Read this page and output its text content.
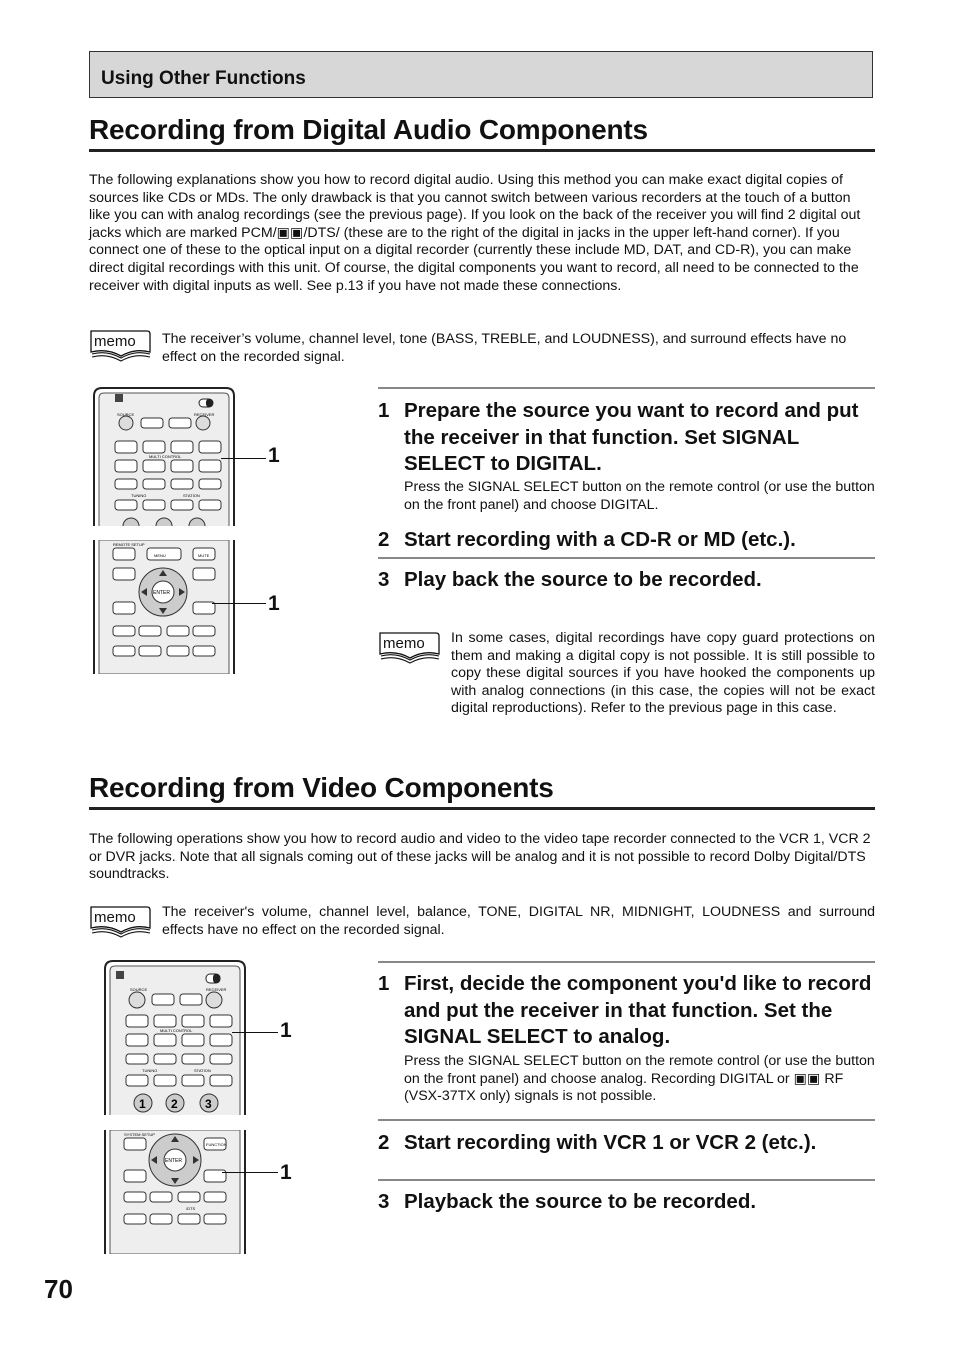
Using Other Functions
Recording from Digital Audio Components

The following explanations show you how to record digital audio. Using this method you can make exact digital copies of sources like CDs or MDs. The only drawback is that you cannot switch between various recorders at the touch of a button like you can with analog recordings (see the previous page). If you look on the back of the receiver you will find 2 digital out jacks which are marked PCM/▣▣/DTS/ (these are to the right of the digital in jacks in the upper left-hand corner). If you connect one of these to the optical input on a digital recorder (currently these include MD, DAT, and CD-R), you can make direct digital recordings with this unit. Of course, the digital components you want to record, all need to be connected to the receiver with digital inputs as well. See p.13 if you have not made these connections.

memo The receiver’s volume, channel level, tone (BASS, TREBLE, and LOUDNESS), and surround effects have no effect on the recorded signal.

SOURCE	RECEIVER
MULTI CONTROL
TUNING	STATION
1
ENTER
MENU	MUTE
REMOTE SETUP
1
1 Prepare the source you want to record and put the receiver in that function. Set SIGNAL SELECT to DIGITAL.

Press the SIGNAL SELECT button on the remote control (or use the button on the front panel) and choose DIGITAL.

2 Start recording with a CD-R or MD (etc.).
3 Play back the source to be recorded.
memo In some cases, digital recordings have copy guard protections on them and making a digital copy is not possible. It is still possible to copy these digital sources if you have hooked the components up with analog connections (in this case, the copies will not be exact digital reproductions). Refer to the previous page in this case.

Recording from Video Components

The following operations show you how to record audio and video to the video tape recorder connected to the VCR 1, VCR 2 or DVR jacks. Note that all signals coming out of these jacks will be analog and it is not possible to record Dolby Digital/DTS soundtracks.

memo The receiver's volume, channel level, balance, TONE, DIGITAL NR, MIDNIGHT, LOUDNESS and surround effects have no effect on the recorded signal.

1 2 3
SOURCE	RECEIVER
MULTI CONTROL
TUNING	STATION
1
SYSTEM SETUP
FUNCTION
ENTER
/DTS
1
1 First, decide the component you'd like to record and put the receiver in that function. Set the SIGNAL SELECT to analog.

Press the SIGNAL SELECT button on the remote control (or use the button on the front panel) and choose analog. Recording DIGITAL or ▣▣ RF (VSX-37TX only) signals is not possible.

2 Start recording with VCR 1 or VCR 2 (etc.).
3 Playback the source to be recorded.
70
